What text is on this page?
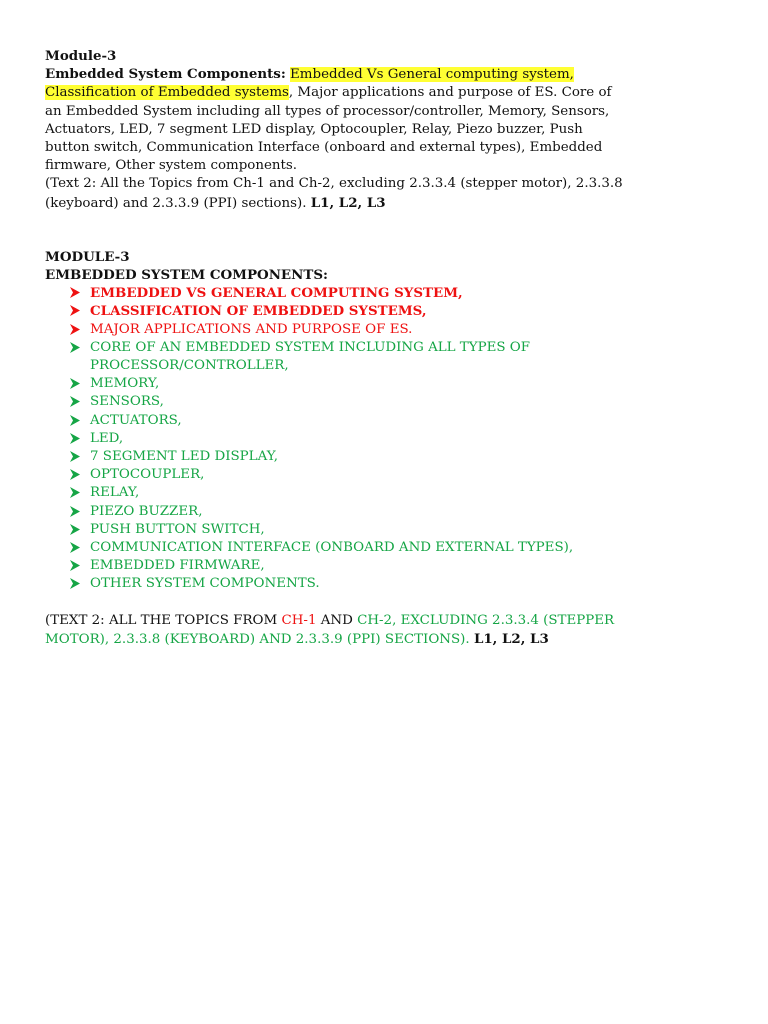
Module-3
Embedded System Components: Embedded Vs General computing system,
Classification of Embedded systems, Major applications and purpose of ES. Core of
an Embedded System including all types of processor/controller, Memory, Sensors,
Actuators, LED, 7 segment LED display, Optocoupler, Relay, Piezo buzzer, Push
button switch, Communication Interface (onboard and external types), Embedded
firmware, Other system components.
(Text 2: All the Topics from Ch-1 and Ch-2, excluding 2.3.3.4 (stepper motor), 2.3.3.8
(keyboard) and 2.3.3.9 (PPI) sections). L1, L2, L3
MODULE-3
EMBEDDED SYSTEM COMPONENTS:
EMBEDDED VS GENERAL COMPUTING SYSTEM,
CLASSIFICATION OF EMBEDDED SYSTEMS,
MAJOR APPLICATIONS AND PURPOSE OF ES.
CORE OF AN EMBEDDED SYSTEM INCLUDING ALL TYPES OF
PROCESSOR/CONTROLLER,
MEMORY,
SENSORS,
ACTUATORS,
LED,
7 SEGMENT LED DISPLAY,
OPTOCOUPLER,
RELAY,
PIEZO BUZZER,
PUSH BUTTON SWITCH,
COMMUNICATION INTERFACE (ONBOARD AND EXTERNAL TYPES),
EMBEDDED FIRMWARE,
OTHER SYSTEM COMPONENTS.
(TEXT 2: ALL THE TOPICS FROM CH-1 AND CH-2, EXCLUDING 2.3.3.4 (STEPPER
MOTOR), 2.3.3.8 (KEYBOARD) AND 2.3.3.9 (PPI) SECTIONS). L1, L2, L3
